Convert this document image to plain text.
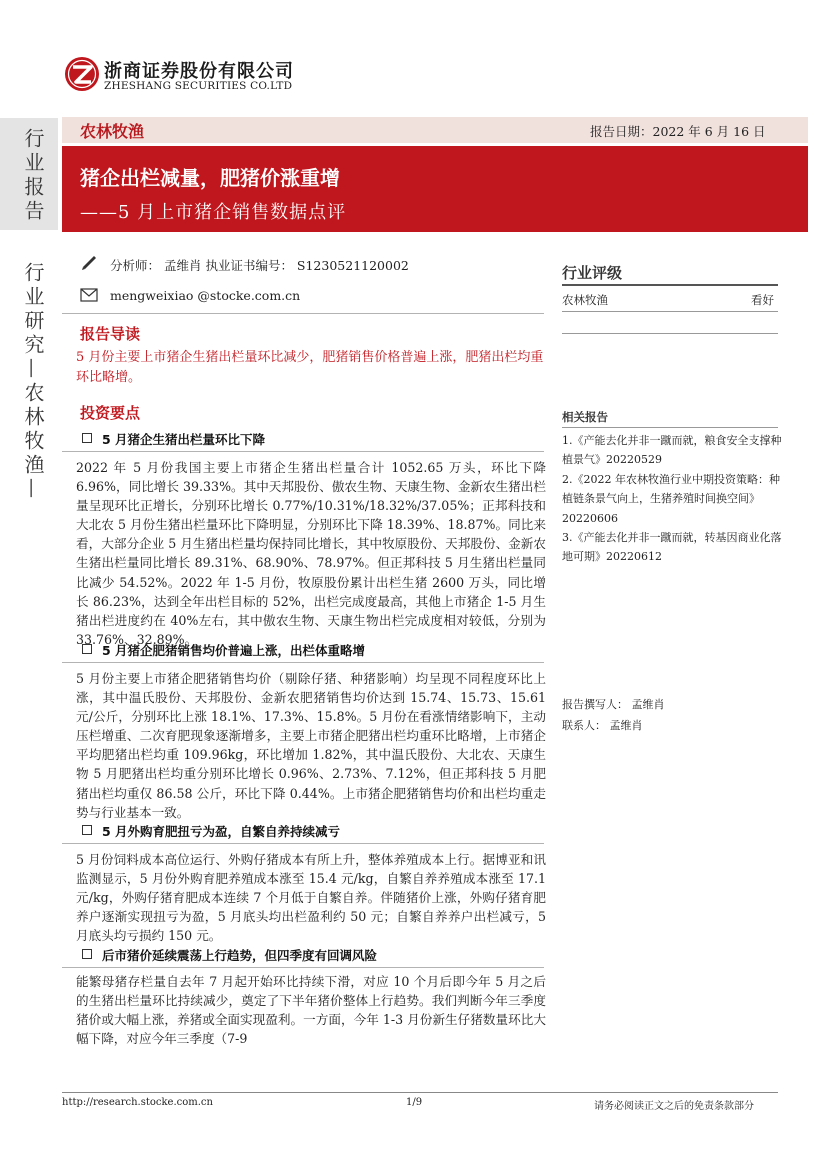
浙商证券股份有限公司
ZHESHANG SECURITIES CO.LTD
行业报告
行业研究—农林牧渔—
农林牧渔	报告日期：2022 年 6 月 16 日
猪企出栏减量，肥猪价涨重增
——5 月上市猪企销售数据点评
分析师： 孟维肖 执业证书编号： S1230521120002
mengweixiao @stocke.com.cn
报告导读
5 月份主要上市猪企生猪出栏量环比减少，肥猪销售价格普遍上涨，肥猪出栏均重环比略增。
投资要点
5 月猪企生猪出栏量环比下降
2022 年 5 月份我国主要上市猪企生猪出栏量合计 1052.65 万头，环比下降 6.96%，同比增长 39.33%。其中天邦股份、傲农生物、天康生物、金新农生猪出栏量呈现环比正增长，分别环比增长 0.77%/10.31%/18.32%/37.05%；正邦科技和大北农 5 月份生猪出栏量环比下降明显，分别环比下降 18.39%、18.87%。同比来看，大部分企业 5 月生猪出栏量均保持同比增长，其中牧原股份、天邦股份、金新农生猪出栏量同比增长 89.31%、68.90%、78.97%。但正邦科技 5 月生猪出栏量同比减少 54.52%。2022 年 1-5 月份，牧原股份累计出栏生猪 2600 万头，同比增长 86.23%，达到全年出栏目标的 52%，出栏完成度最高，其他上市猪企 1-5 月生猪出栏进度约在 40%左右，其中傲农生物、天康生物出栏完成度相对较低，分别为 33.76%、32.89%。
5 月猪企肥猪销售均价普遍上涨，出栏体重略增
5 月份主要上市猪企肥猪销售均价（剔除仔猪、种猪影响）均呈现不同程度环比上涨，其中温氏股份、天邦股份、金新农肥猪销售均价达到 15.74、15.73、15.61 元/公斤，分别环比上涨 18.1%、17.3%、15.8%。5 月份在看涨情绪影响下，主动压栏增重、二次育肥现象逐渐增多，主要上市猪企肥猪出栏均重环比略增，上市猪企平均肥猪出栏均重 109.96kg，环比增加 1.82%，其中温氏股份、大北农、天康生物 5 月肥猪出栏均重分别环比增长 0.96%、2.73%、7.12%，但正邦科技 5 月肥猪出栏均重仅 86.58 公斤，环比下降 0.44%。上市猪企肥猪销售均价和出栏均重走势与行业基本一致。
5 月外购育肥扭亏为盈，自繁自养持续减亏
5 月份饲料成本高位运行、外购仔猪成本有所上升，整体养殖成本上行。据博亚和讯监测显示，5 月份外购育肥养殖成本涨至 15.4 元/kg，自繁自养养殖成本涨至 17.1 元/kg，外购仔猪育肥成本连续 7 个月低于自繁自养。伴随猪价上涨，外购仔猪育肥养户逐渐实现扭亏为盈，5 月底头均出栏盈利约 50 元；自繁自养养户出栏减亏，5 月底头均亏损约 150 元。
后市猪价延续震荡上行趋势，但四季度有回调风险
能繁母猪存栏量自去年 7 月起开始环比持续下滑，对应 10 个月后即今年 5 月之后的生猪出栏量环比持续减少，奠定了下半年猪价整体上行趋势。我们判断今年三季度猪价或大幅上涨，养猪或全面实现盈利。一方面，今年 1-3 月份新生仔猪数量环比大幅下降，对应今年三季度（7-9
行业评级
农林牧渔	看好
相关报告
1.《产能去化并非一蹴而就，粮食安全支撑种植景气》20220529
2.《2022 年农林牧渔行业中期投资策略：种植链条景气向上，生猪养殖时间换空间》20220606
3.《产能去化并非一蹴而就，转基因商业化落地可期》20220612
报告撰写人： 孟维肖
联系人： 孟维肖
http://research.stocke.com.cn	1/9	请务必阅读正文之后的免责条款部分
